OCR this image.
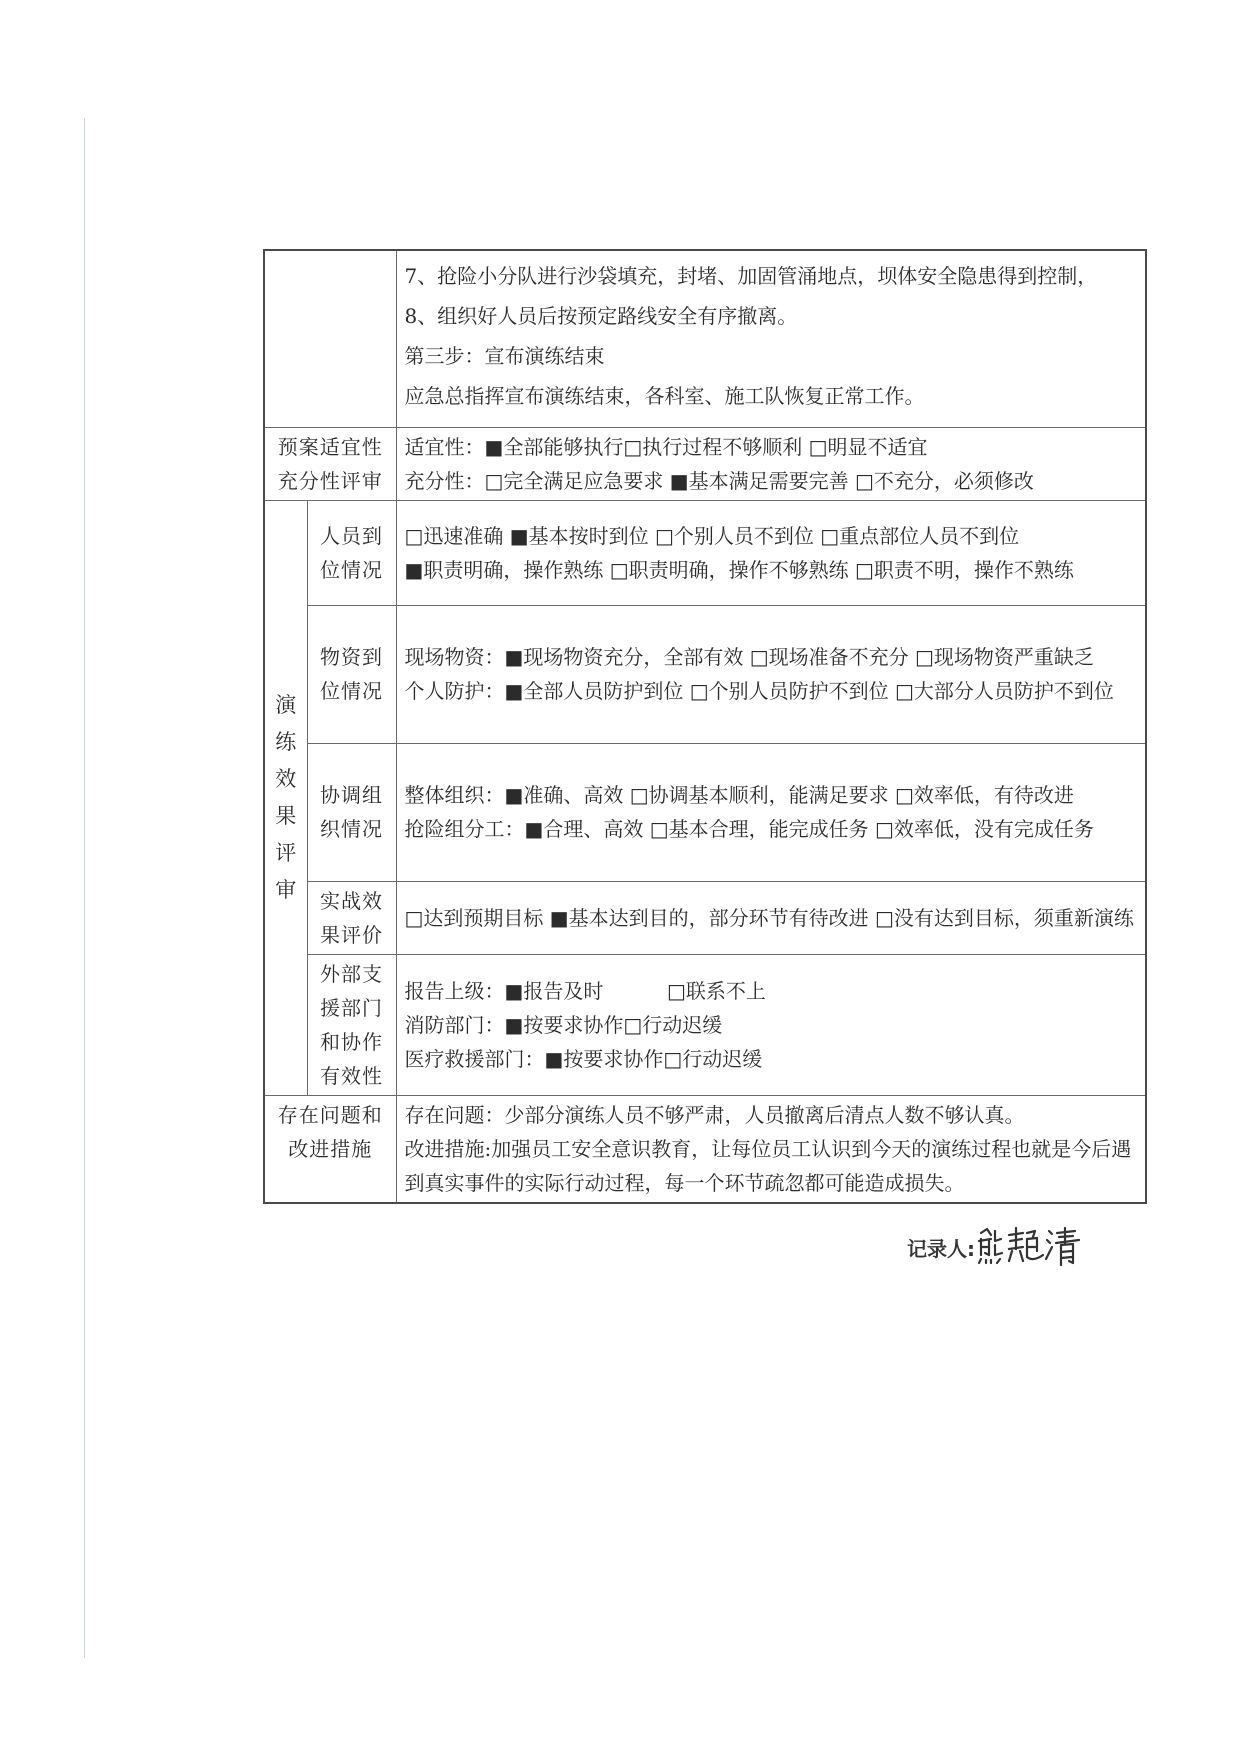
		7、抢险小分队进行沙袋填充，封堵、加固管涌地点，坝体安全隐患得到控制，
8、组织好人员后按预定路线安全有序撤离。
第三步：宣布演练结束
应急总指挥宣布演练结束，各科室、施工队恢复正常工作。

预案适宜性
充分性评审		适宜性：■全部能够执行□执行过程不够顺利 □明显不适宜
充分性：□完全满足应急要求 ■基本满足需要完善 □不充分，必须修改

演练效果评审	人员到
位情况	□迅速准确 ■基本按时到位 □个别人员不到位 □重点部位人员不到位
■职责明确，操作熟练 □职责明确，操作不够熟练 □职责不明，操作不熟练

	物资到
位情况	现场物资：■现场物资充分，全部有效 □现场准备不充分 □现场物资严重缺乏
个人防护：■全部人员防护到位 □个别人员防护不到位 □大部分人员防护不到位

	协调组
织情况	整体组织：■准确、高效 □协调基本顺利，能满足要求 □效率低，有待改进
抢险组分工：■合理、高效 □基本合理，能完成任务 □效率低，没有完成任务

	实战效
果评价	□达到预期目标 ■基本达到目的，部分环节有待改进 □没有达到目标，须重新演练

	外部支
援部门
和协作
有效性	报告上级：■报告及时          □联系不上
消防部门：■按要求协作□行动迟缓
医疗救援部门：■按要求协作□行动迟缓

存在问题和
改进措施		存在问题：少部分演练人员不够严肃，人员撤离后清点人数不够认真。
改进措施:加强员工安全意识教育，让每位员工认识到今天的演练过程也就是今后遇到真实事件的实际行动过程，每一个环节疏忽都可能造成损失。
记录人:
